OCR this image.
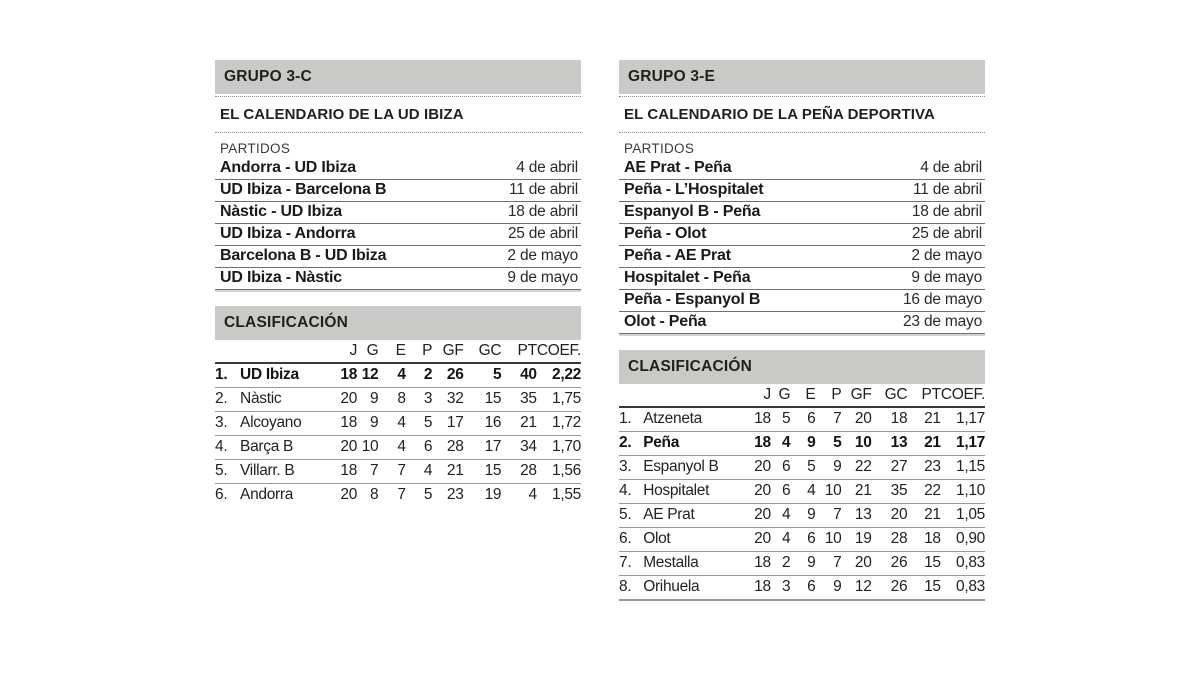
GRUPO 3-C
EL CALENDARIO DE LA UD IBIZA
PARTIDOS
Andorra - UD Ibiza	4 de abril
UD Ibiza - Barcelona B	11 de abril
Nàstic - UD Ibiza	18 de abril
UD Ibiza - Andorra	25 de abril
Barcelona B - UD Ibiza	2 de mayo
UD Ibiza - Nàstic	9 de mayo
CLASIFICACIÓN
		J	G	E	P	GF	GC	PT	COEF.
1.	UD Ibiza	18	12	4	2	26	5	40	2,22
2.	Nàstic	20	9	8	3	32	15	35	1,75
3.	Alcoyano	18	9	4	5	17	16	21	1,72
4.	Barça B	20	10	4	6	28	17	34	1,70
5.	Villarr. B	18	7	7	4	21	15	28	1,56
6.	Andorra	20	8	7	5	23	19	4	1,55
GRUPO 3-E
EL CALENDARIO DE LA PEÑA DEPORTIVA
PARTIDOS
AE Prat - Peña	4 de abril
Peña - L’Hospitalet	11 de abril
Espanyol B - Peña	18 de abril
Peña - Olot	25 de abril
Peña - AE Prat	2 de mayo
Hospitalet - Peña	9 de mayo
Peña - Espanyol B	16 de mayo
Olot - Peña	23 de mayo
CLASIFICACIÓN
		J	G	E	P	GF	GC	PT	COEF.
1.	Atzeneta	18	5	6	7	20	18	21	1,17
2.	Peña	18	4	9	5	10	13	21	1,17
3.	Espanyol B	20	6	5	9	22	27	23	1,15
4.	Hospitalet	20	6	4	10	21	35	22	1,10
5.	AE Prat	20	4	9	7	13	20	21	1,05
6.	Olot	20	4	6	10	19	28	18	0,90
7.	Mestalla	18	2	9	7	20	26	15	0,83
8.	Orihuela	18	3	6	9	12	26	15	0,83
